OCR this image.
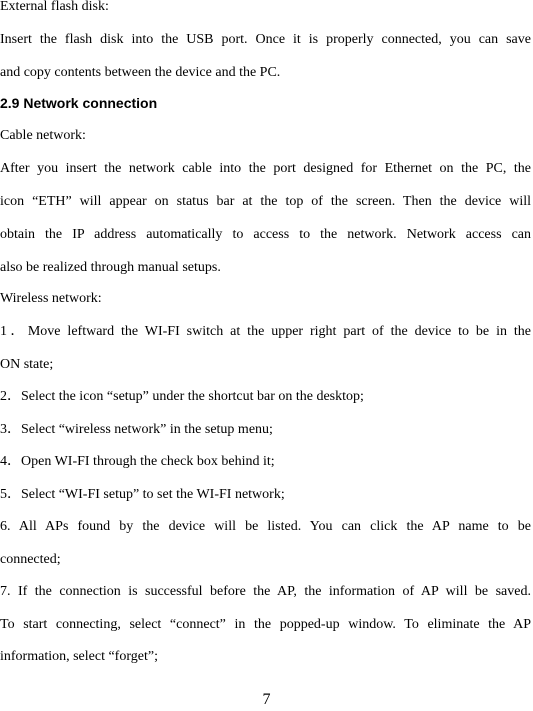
External flash disk:
Insert the flash disk into the USB port. Once it is properly connected, you can save
and copy contents between the device and the PC.
2.9 Network connection
Cable network:
After you insert the network cable into the port designed for Ethernet on the PC, the
icon “ETH” will appear on status bar at the top of the screen. Then the device will
obtain the IP address automatically to access to the network. Network access can
also be realized through manual setups.
Wireless network:
1．Move leftward the WI-FI switch at the upper right part of the device to be in the
ON state;
2．Select the icon “setup” under the shortcut bar on the desktop;
3．Select “wireless network” in the setup menu;
4．Open WI-FI through the check box behind it;
5．Select “WI-FI setup” to set the WI-FI network;
6. All APs found by the device will be listed. You can click the AP name to be
connected;
7. If the connection is successful before the AP, the information of AP will be saved.
To start connecting, select “connect” in the popped-up window. To eliminate the AP
information, select “forget”;
7
